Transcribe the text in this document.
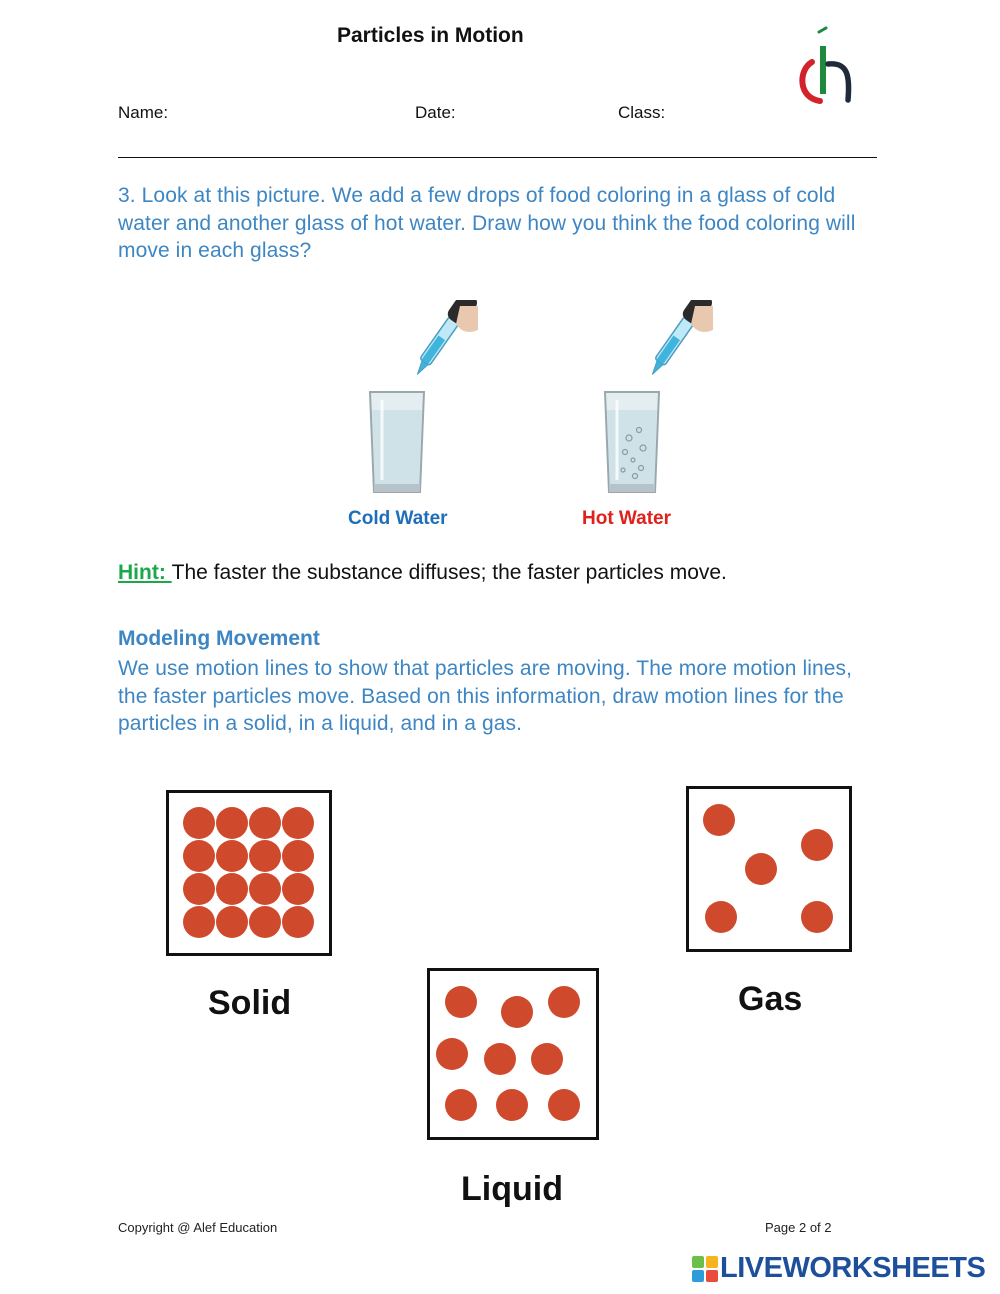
Particles in Motion
Name:	Date:	Class:
3. Look at this picture. We add a few drops of food coloring in a glass of cold water and another glass of hot water. Draw how you think the food coloring will move in each glass?
Cold Water	Hot Water
Hint: The faster the substance diffuses; the faster particles move.
Modeling Movement
We use motion lines to show that particles are moving. The more motion lines, the faster particles move. Based on this information, draw motion lines for the particles in a solid, in a liquid, and in a gas.
Solid	Gas
Liquid
Copyright @ Alef Education	Page 2 of 2
LIVEWORKSHEETS
